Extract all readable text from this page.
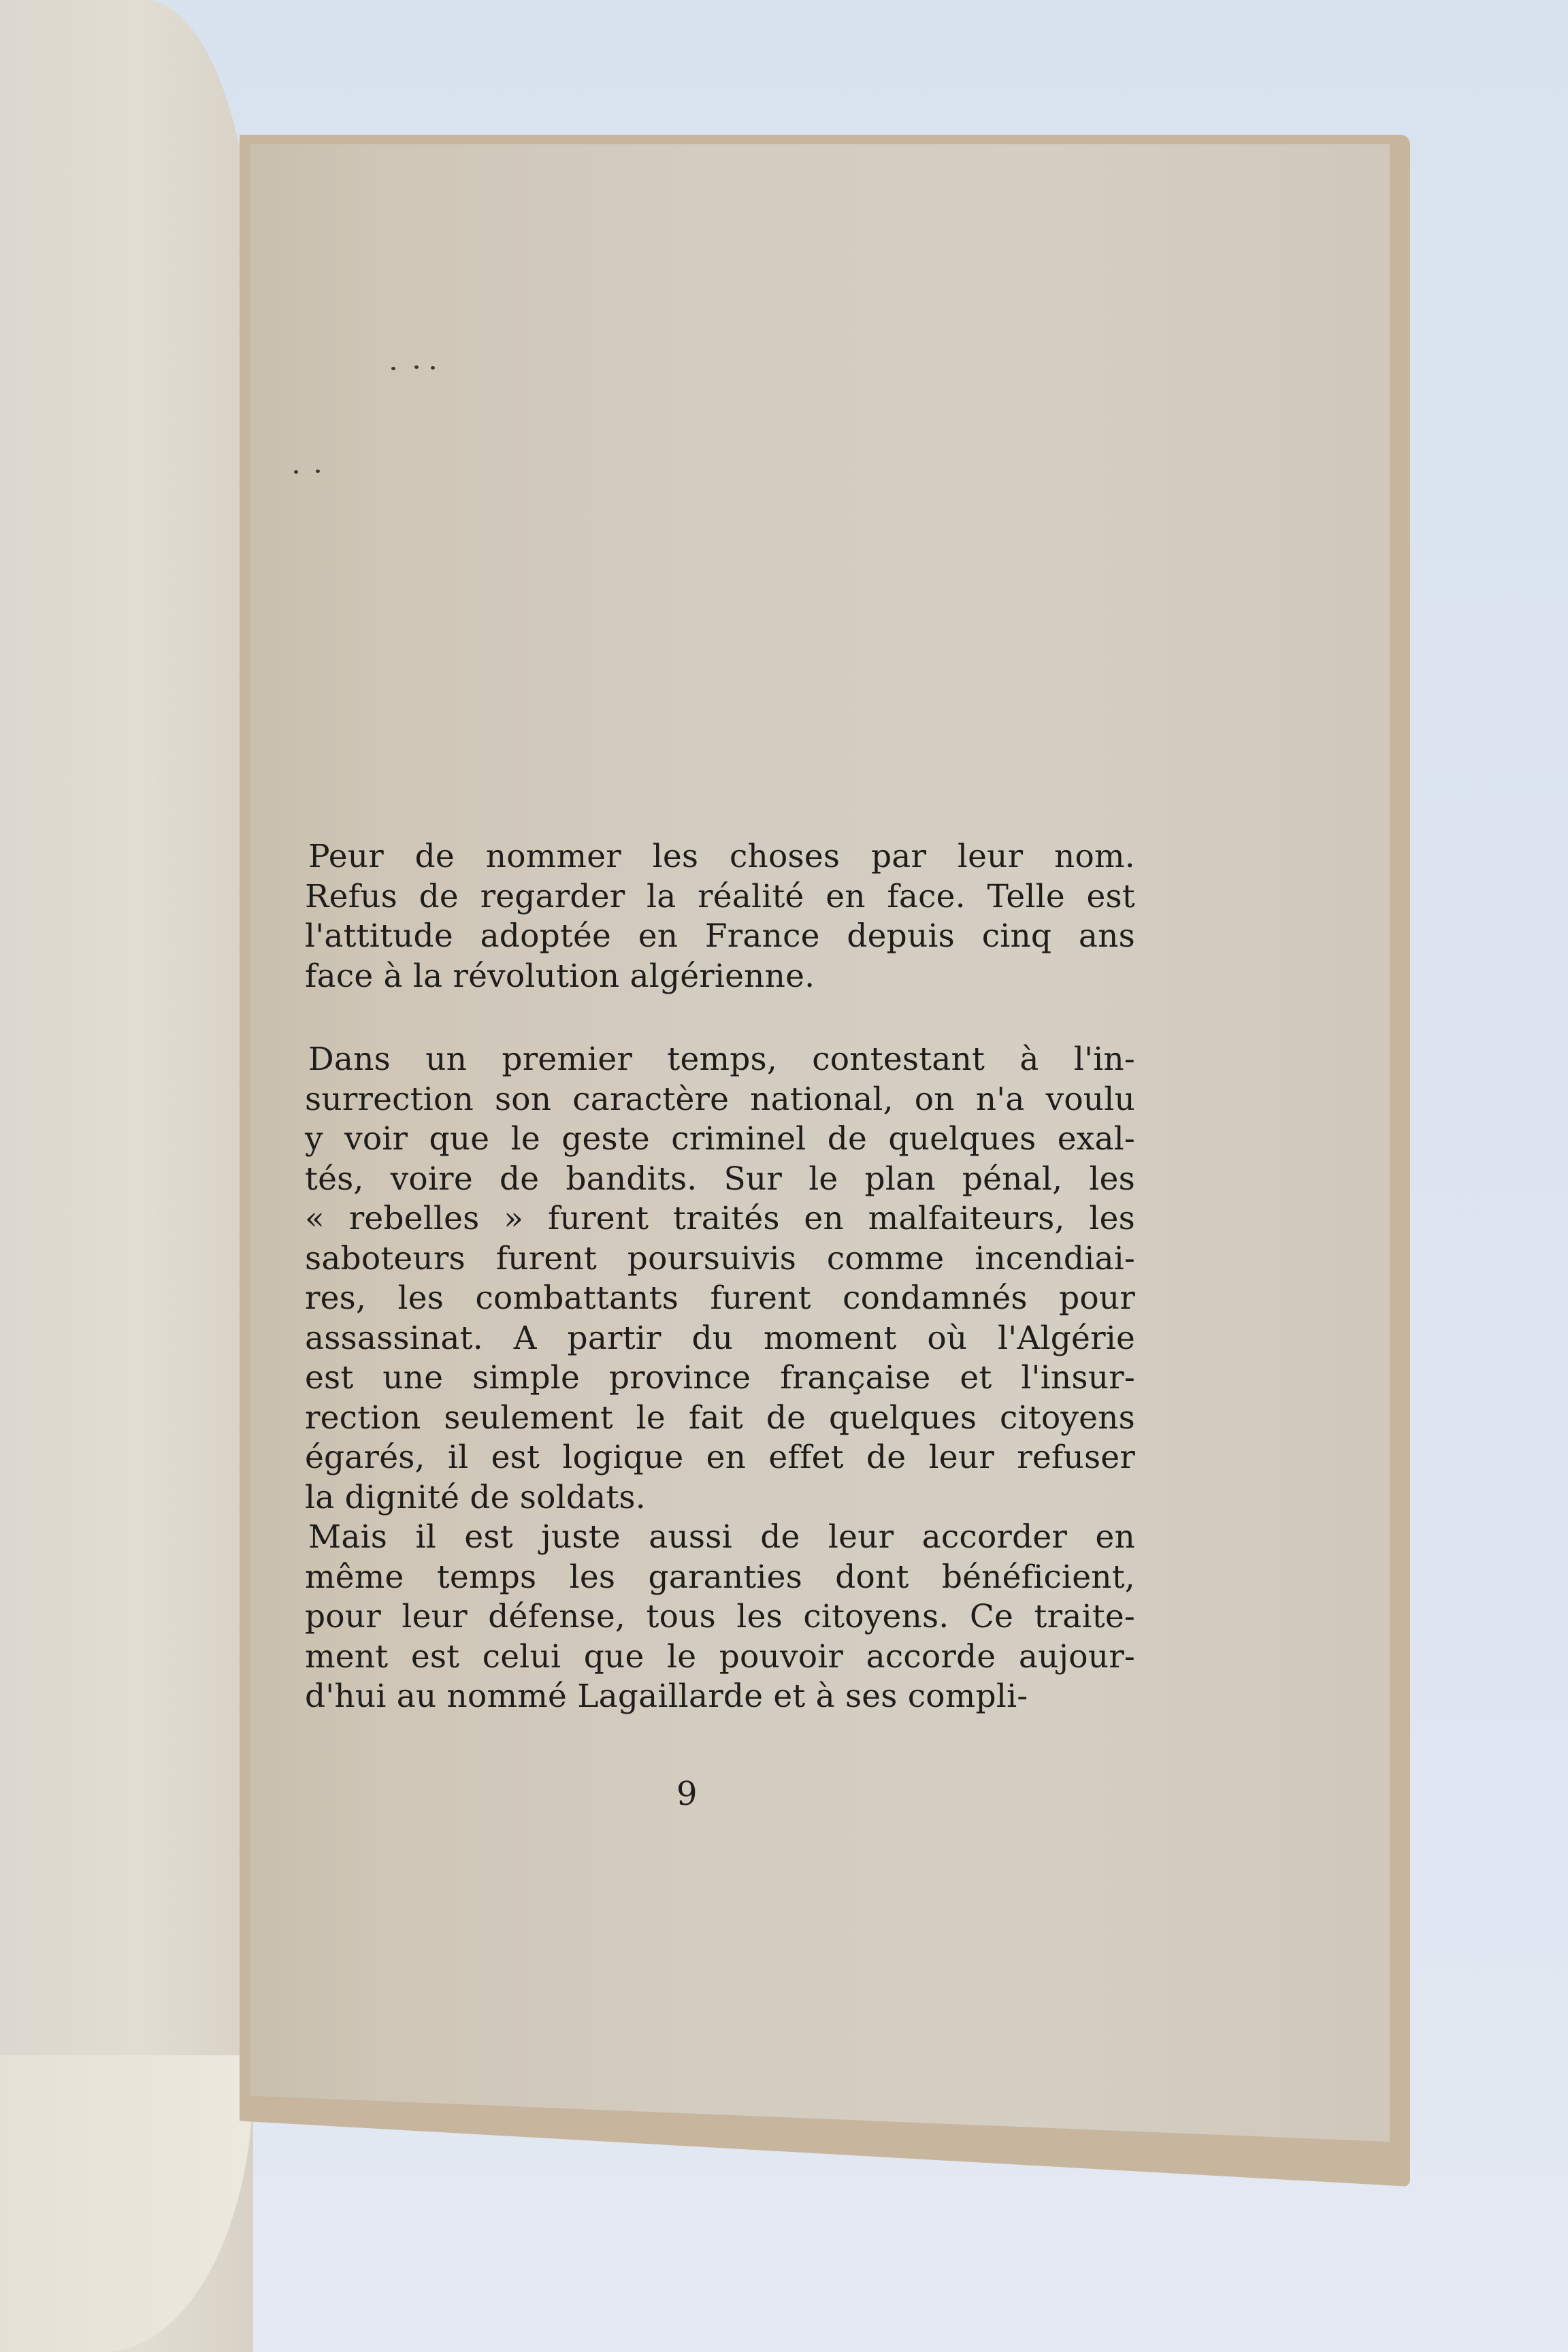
Peur de nommer les choses par leur nom.
Refus de regarder la réalité en face. Telle est
l'attitude adoptée en France depuis cinq ans
face à la révolution algérienne.
Dans un premier temps, contestant à l'in-
surrection son caractère national, on n'a voulu
y voir que le geste criminel de quelques exal-
tés, voire de bandits. Sur le plan pénal, les
« rebelles » furent traités en malfaiteurs, les
saboteurs furent poursuivis comme incendiai-
res, les combattants furent condamnés pour
assassinat. A partir du moment où l'Algérie
est une simple province française et l'insur-
rection seulement le fait de quelques citoyens
égarés, il est logique en effet de leur refuser
la dignité de soldats.
Mais il est juste aussi de leur accorder en
même temps les garanties dont bénéficient,
pour leur défense, tous les citoyens. Ce traite-
ment est celui que le pouvoir accorde aujour-
d'hui au nommé Lagaillarde et à ses compli-
9
